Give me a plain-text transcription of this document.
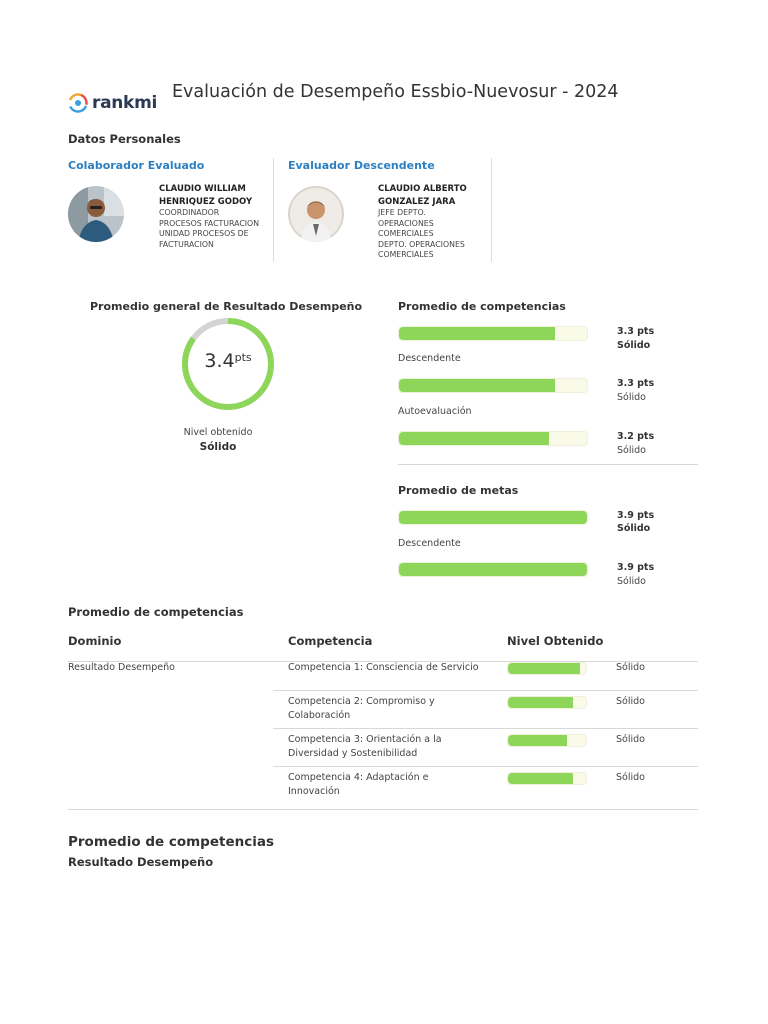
rankmi
Evaluación de Desempeño Essbio-Nuevosur - 2024
Datos Personales
Colaborador Evaluado	Evaluador Descendente
CLAUDIO WILLIAM
HENRIQUEZ GODOY
COORDINADOR
PROCESOS FACTURACION
UNIDAD PROCESOS DE
FACTURACION
CLAUDIO ALBERTO
GONZALEZ JARA
JEFE DEPTO.
OPERACIONES
COMERCIALES
DEPTO. OPERACIONES
COMERCIALES
Promedio general de Resultado Desempeño
$3.4^{pts}$
Nivel obtenido
Sólido
Promedio de competencias
3.3 pts
Sólido
Descendente
3.3 pts
Sólido
Autoevaluación
3.2 pts
Sólido
Promedio de metas
3.9 pts
Sólido
Descendente
3.9 pts
Sólido
Promedio de competencias
Dominio	Competencia	Nivel Obtenido
Resultado Desempeño	Competencia 1: Consciencia de Servicio	Sólido
Competencia 2: Compromiso y
Colaboración
Sólido
Competencia 3: Orientación a la
Diversidad y Sostenibilidad
Sólido
Competencia 4: Adaptación e
Innovación
Sólido
Promedio de competencias
Resultado Desempeño
